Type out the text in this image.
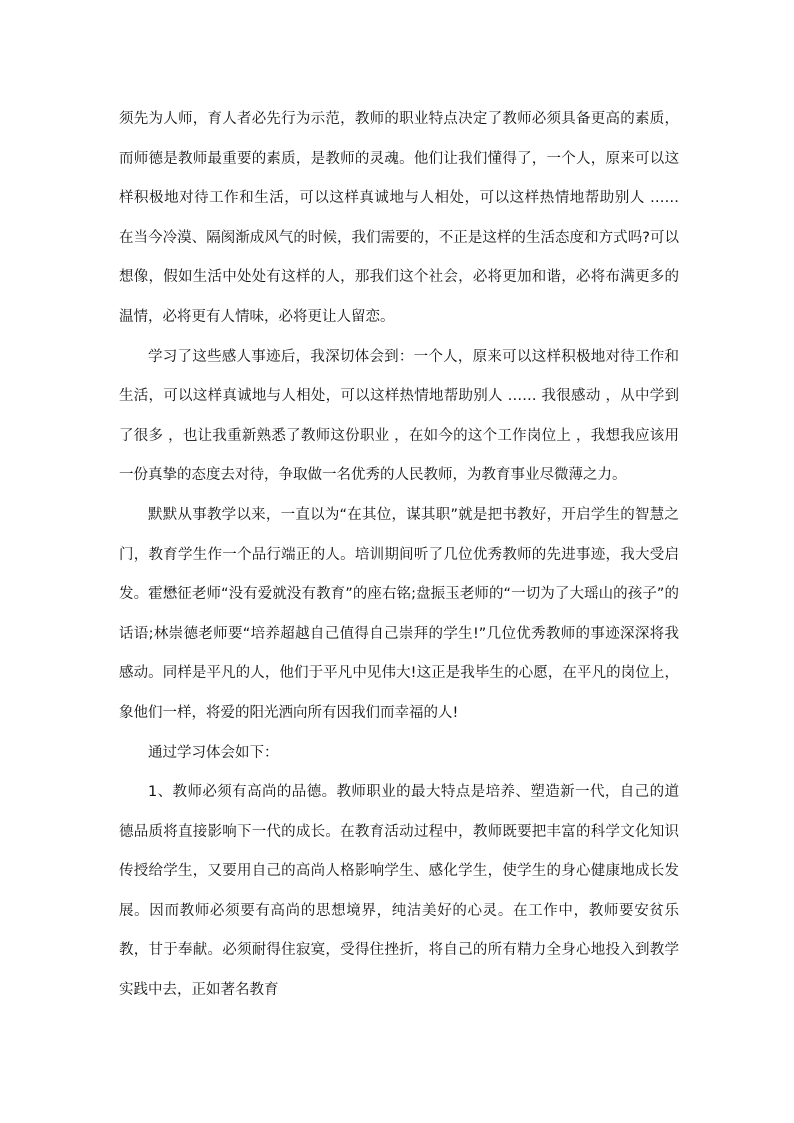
须先为人师，育人者必先行为示范，教师的职业特点决定了教师必须具备更高的素质，而师德是教师最重要的素质，是教师的灵魂。他们让我们懂得了，一个人，原来可以这样积极地对待工作和生活，可以这样真诚地与人相处，可以这样热情地帮助别人 …… 在当今冷漠、隔阂渐成风气的时候，我们需要的，不正是这样的生活态度和方式吗?可以想像，假如生活中处处有这样的人，那我们这个社会，必将更加和谐，必将布满更多的温情，必将更有人情味，必将更让人留恋。

学习了这些感人事迹后，我深切体会到：一个人，原来可以这样积极地对待工作和生活，可以这样真诚地与人相处，可以这样热情地帮助别人 …… 我很感动 ，从中学到了很多 ，也让我重新熟悉了教师这份职业 ，在如今的这个工作岗位上 ，我想我应该用一份真挚的态度去对待，争取做一名优秀的人民教师，为教育事业尽微薄之力。

默默从事教学以来，一直以为“在其位，谋其职”就是把书教好，开启学生的智慧之门，教育学生作一个品行端正的人。培训期间听了几位优秀教师的先进事迹，我大受启发。霍懋征老师“没有爱就没有教育”的座右铭;盘振玉老师的“一切为了大瑶山的孩子”的话语;林崇德老师要“培养超越自己值得自己崇拜的学生!”几位优秀教师的事迹深深将我感动。同样是平凡的人，他们于平凡中见伟大!这正是我毕生的心愿，在平凡的岗位上，象他们一样，将爱的阳光洒向所有因我们而幸福的人!

通过学习体会如下：

1、教师必须有高尚的品德。教师职业的最大特点是培养、塑造新一代，自己的道德品质将直接影响下一代的成长。在教育活动过程中，教师既要把丰富的科学文化知识传授给学生，又要用自己的高尚人格影响学生、感化学生，使学生的身心健康地成长发展。因而教师必须要有高尚的思想境界，纯洁美好的心灵。在工作中，教师要安贫乐教，甘于奉献。必须耐得住寂寞，受得住挫折，将自己的所有精力全身心地投入到教学实践中去，正如著名教育
